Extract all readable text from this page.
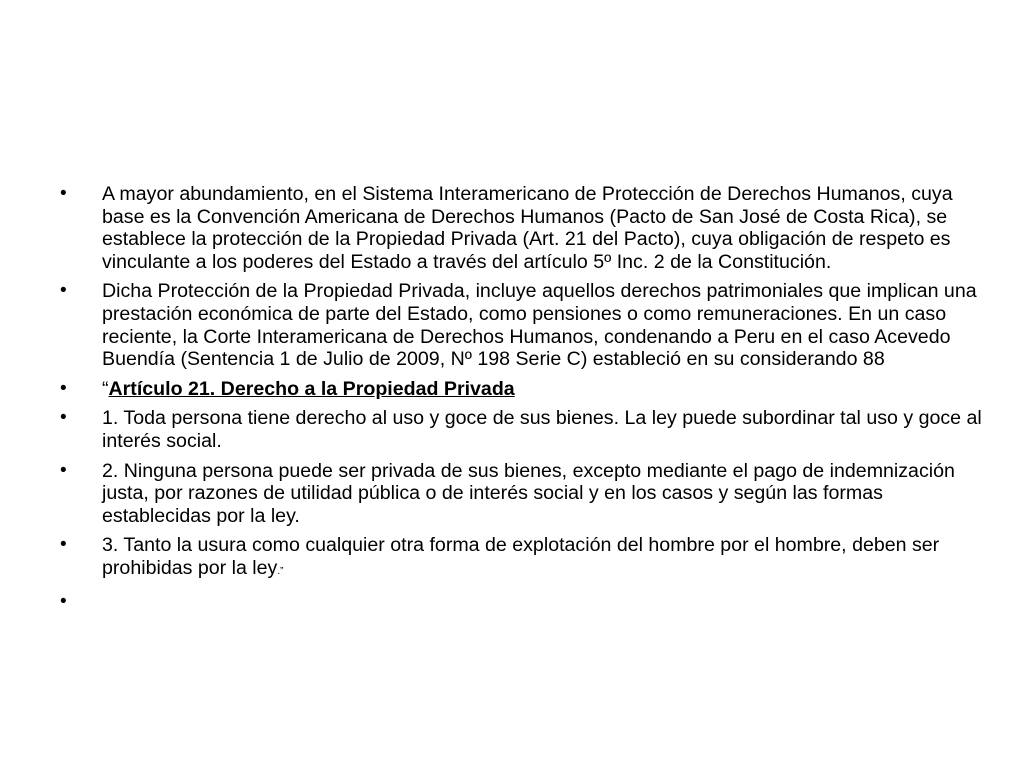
• A mayor abundamiento, en el Sistema Interamericano de Protección de Derechos Humanos, cuya base es la Convención Americana de Derechos Humanos (Pacto de San José de Costa Rica), se establece la protección de la Propiedad Privada (Art. 21 del Pacto), cuya obligación de respeto es vinculante a los poderes del Estado a través del artículo 5º Inc. 2 de la Constitución.
• Dicha Protección de la Propiedad Privada, incluye aquellos derechos patrimoniales que implican una prestación económica de parte del Estado, como pensiones o como remuneraciones. En un caso reciente, la Corte Interamericana de Derechos Humanos, condenando a Peru en el caso Acevedo Buendía (Sentencia 1 de Julio de 2009, Nº 198 Serie C) estableció en su considerando 88
• “Artículo 21. Derecho a la Propiedad Privada
• 1. Toda persona tiene derecho al uso y goce de sus bienes. La ley puede subordinar tal uso y goce al interés social.
• 2. Ninguna persona puede ser privada de sus bienes, excepto mediante el pago de indemnización justa, por razones de utilidad pública o de interés social y en los casos y según las formas establecidas por la ley.
• 3. Tanto la usura como cualquier otra forma de explotación del hombre por el hombre, deben ser prohibidas por la ley.”
•
